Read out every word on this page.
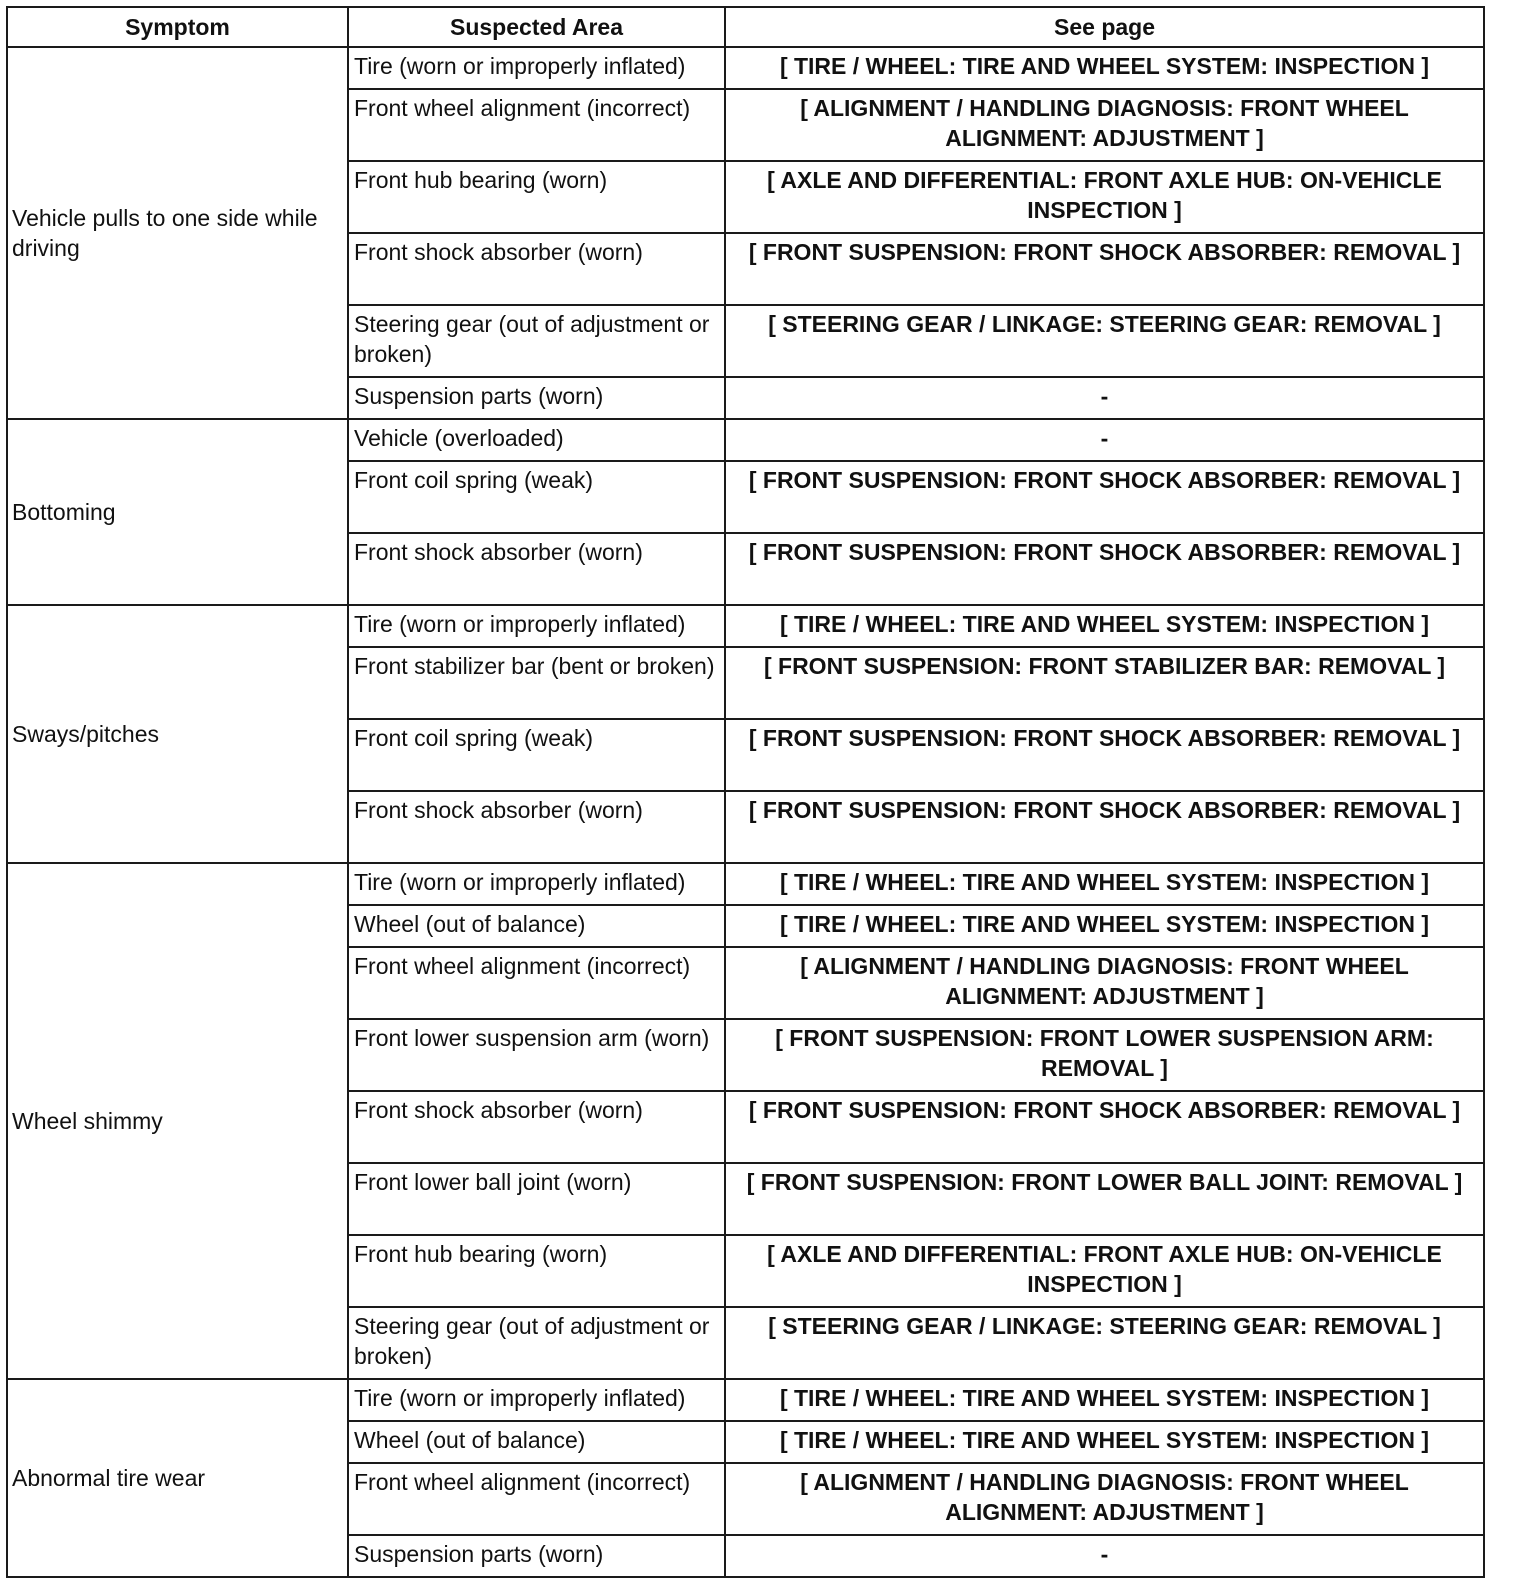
Symptom	Suspected Area	See page
Vehicle pulls to one side while driving	Tire (worn or improperly inflated)	[ TIRE / WHEEL: TIRE AND WHEEL SYSTEM: INSPECTION ]
	Front wheel alignment (incorrect)	[ ALIGNMENT / HANDLING DIAGNOSIS: FRONT WHEEL ALIGNMENT: ADJUSTMENT ]
	Front hub bearing (worn)	[ AXLE AND DIFFERENTIAL: FRONT AXLE HUB: ON-VEHICLE INSPECTION ]
	Front shock absorber (worn)	[ FRONT SUSPENSION: FRONT SHOCK ABSORBER: REMOVAL ]
	Steering gear (out of adjustment or broken)	[ STEERING GEAR / LINKAGE: STEERING GEAR: REMOVAL ]
	Suspension parts (worn)	-
Bottoming	Vehicle (overloaded)	-
	Front coil spring (weak)	[ FRONT SUSPENSION: FRONT SHOCK ABSORBER: REMOVAL ]
	Front shock absorber (worn)	[ FRONT SUSPENSION: FRONT SHOCK ABSORBER: REMOVAL ]
Sways/pitches	Tire (worn or improperly inflated)	[ TIRE / WHEEL: TIRE AND WHEEL SYSTEM: INSPECTION ]
	Front stabilizer bar (bent or broken)	[ FRONT SUSPENSION: FRONT STABILIZER BAR: REMOVAL ]
	Front coil spring (weak)	[ FRONT SUSPENSION: FRONT SHOCK ABSORBER: REMOVAL ]
	Front shock absorber (worn)	[ FRONT SUSPENSION: FRONT SHOCK ABSORBER: REMOVAL ]
Wheel shimmy	Tire (worn or improperly inflated)	[ TIRE / WHEEL: TIRE AND WHEEL SYSTEM: INSPECTION ]
	Wheel (out of balance)	[ TIRE / WHEEL: TIRE AND WHEEL SYSTEM: INSPECTION ]
	Front wheel alignment (incorrect)	[ ALIGNMENT / HANDLING DIAGNOSIS: FRONT WHEEL ALIGNMENT: ADJUSTMENT ]
	Front lower suspension arm (worn)	[ FRONT SUSPENSION: FRONT LOWER SUSPENSION ARM: REMOVAL ]
	Front shock absorber (worn)	[ FRONT SUSPENSION: FRONT SHOCK ABSORBER: REMOVAL ]
	Front lower ball joint (worn)	[ FRONT SUSPENSION: FRONT LOWER BALL JOINT: REMOVAL ]
	Front hub bearing (worn)	[ AXLE AND DIFFERENTIAL: FRONT AXLE HUB: ON-VEHICLE INSPECTION ]
	Steering gear (out of adjustment or broken)	[ STEERING GEAR / LINKAGE: STEERING GEAR: REMOVAL ]
Abnormal tire wear	Tire (worn or improperly inflated)	[ TIRE / WHEEL: TIRE AND WHEEL SYSTEM: INSPECTION ]
	Wheel (out of balance)	[ TIRE / WHEEL: TIRE AND WHEEL SYSTEM: INSPECTION ]
	Front wheel alignment (incorrect)	[ ALIGNMENT / HANDLING DIAGNOSIS: FRONT WHEEL ALIGNMENT: ADJUSTMENT ]
	Suspension parts (worn)	-
